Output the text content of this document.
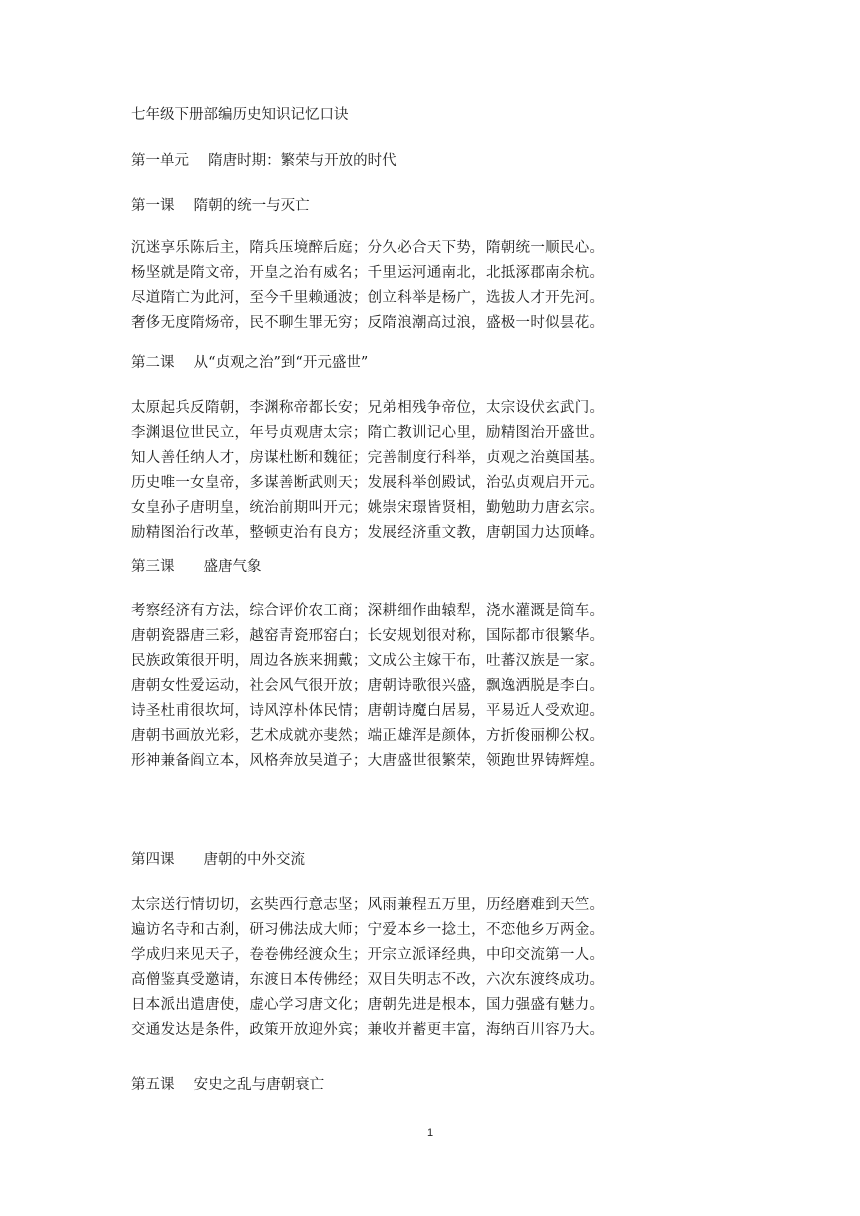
七年级下册部编历史知识记忆口诀
第一单元　 隋唐时期：繁荣与开放的时代
第一课　 隋朝的统一与灭亡
沉迷享乐陈后主，隋兵压境醉后庭；分久必合天下势，隋朝统一顺民心。
杨坚就是隋文帝，开皇之治有威名；千里运河通南北，北抵涿郡南余杭。
尽道隋亡为此河，至今千里赖通波；创立科举是杨广，选拔人才开先河。
奢侈无度隋炀帝，民不聊生罪无穷；反隋浪潮高过浪，盛极一时似昙花。
第二课　 从“贞观之治”到“开元盛世”
太原起兵反隋朝，李渊称帝都长安；兄弟相残争帝位，太宗设伏玄武门。
李渊退位世民立，年号贞观唐太宗；隋亡教训记心里，励精图治开盛世。
知人善任纳人才，房谋杜断和魏征；完善制度行科举，贞观之治奠国基。
历史唯一女皇帝，多谋善断武则天；发展科举创殿试，治弘贞观启开元。
女皇孙子唐明皇，统治前期叫开元；姚崇宋璟皆贤相，勤勉助力唐玄宗。
励精图治行改革，整顿吏治有良方；发展经济重文教，唐朝国力达顶峰。
第三课　　盛唐气象
考察经济有方法，综合评价农工商；深耕细作曲辕犁，浇水灌溉是筒车。
唐朝瓷器唐三彩，越窑青瓷邢窑白；长安规划很对称，国际都市很繁华。
民族政策很开明，周边各族来拥戴；文成公主嫁干布，吐蕃汉族是一家。
唐朝女性爱运动，社会风气很开放；唐朝诗歌很兴盛，飘逸洒脱是李白。
诗圣杜甫很坎坷，诗风淳朴体民情；唐朝诗魔白居易，平易近人受欢迎。
唐朝书画放光彩，艺术成就亦斐然；端正雄浑是颜体，方折俊丽柳公权。
形神兼备阎立本，风格奔放吴道子；大唐盛世很繁荣，领跑世界铸辉煌。
第四课　　唐朝的中外交流
太宗送行情切切，玄奘西行意志坚；风雨兼程五万里，历经磨难到天竺。
遍访名寺和古刹，研习佛法成大师；宁爱本乡一捻土，不恋他乡万两金。
学成归来见天子，卷卷佛经渡众生；开宗立派译经典，中印交流第一人。
高僧鉴真受邀请，东渡日本传佛经；双目失明志不改，六次东渡终成功。
日本派出遣唐使，虚心学习唐文化；唐朝先进是根本，国力强盛有魅力。
交通发达是条件，政策开放迎外宾；兼收并蓄更丰富，海纳百川容乃大。
第五课　 安史之乱与唐朝衰亡
1
